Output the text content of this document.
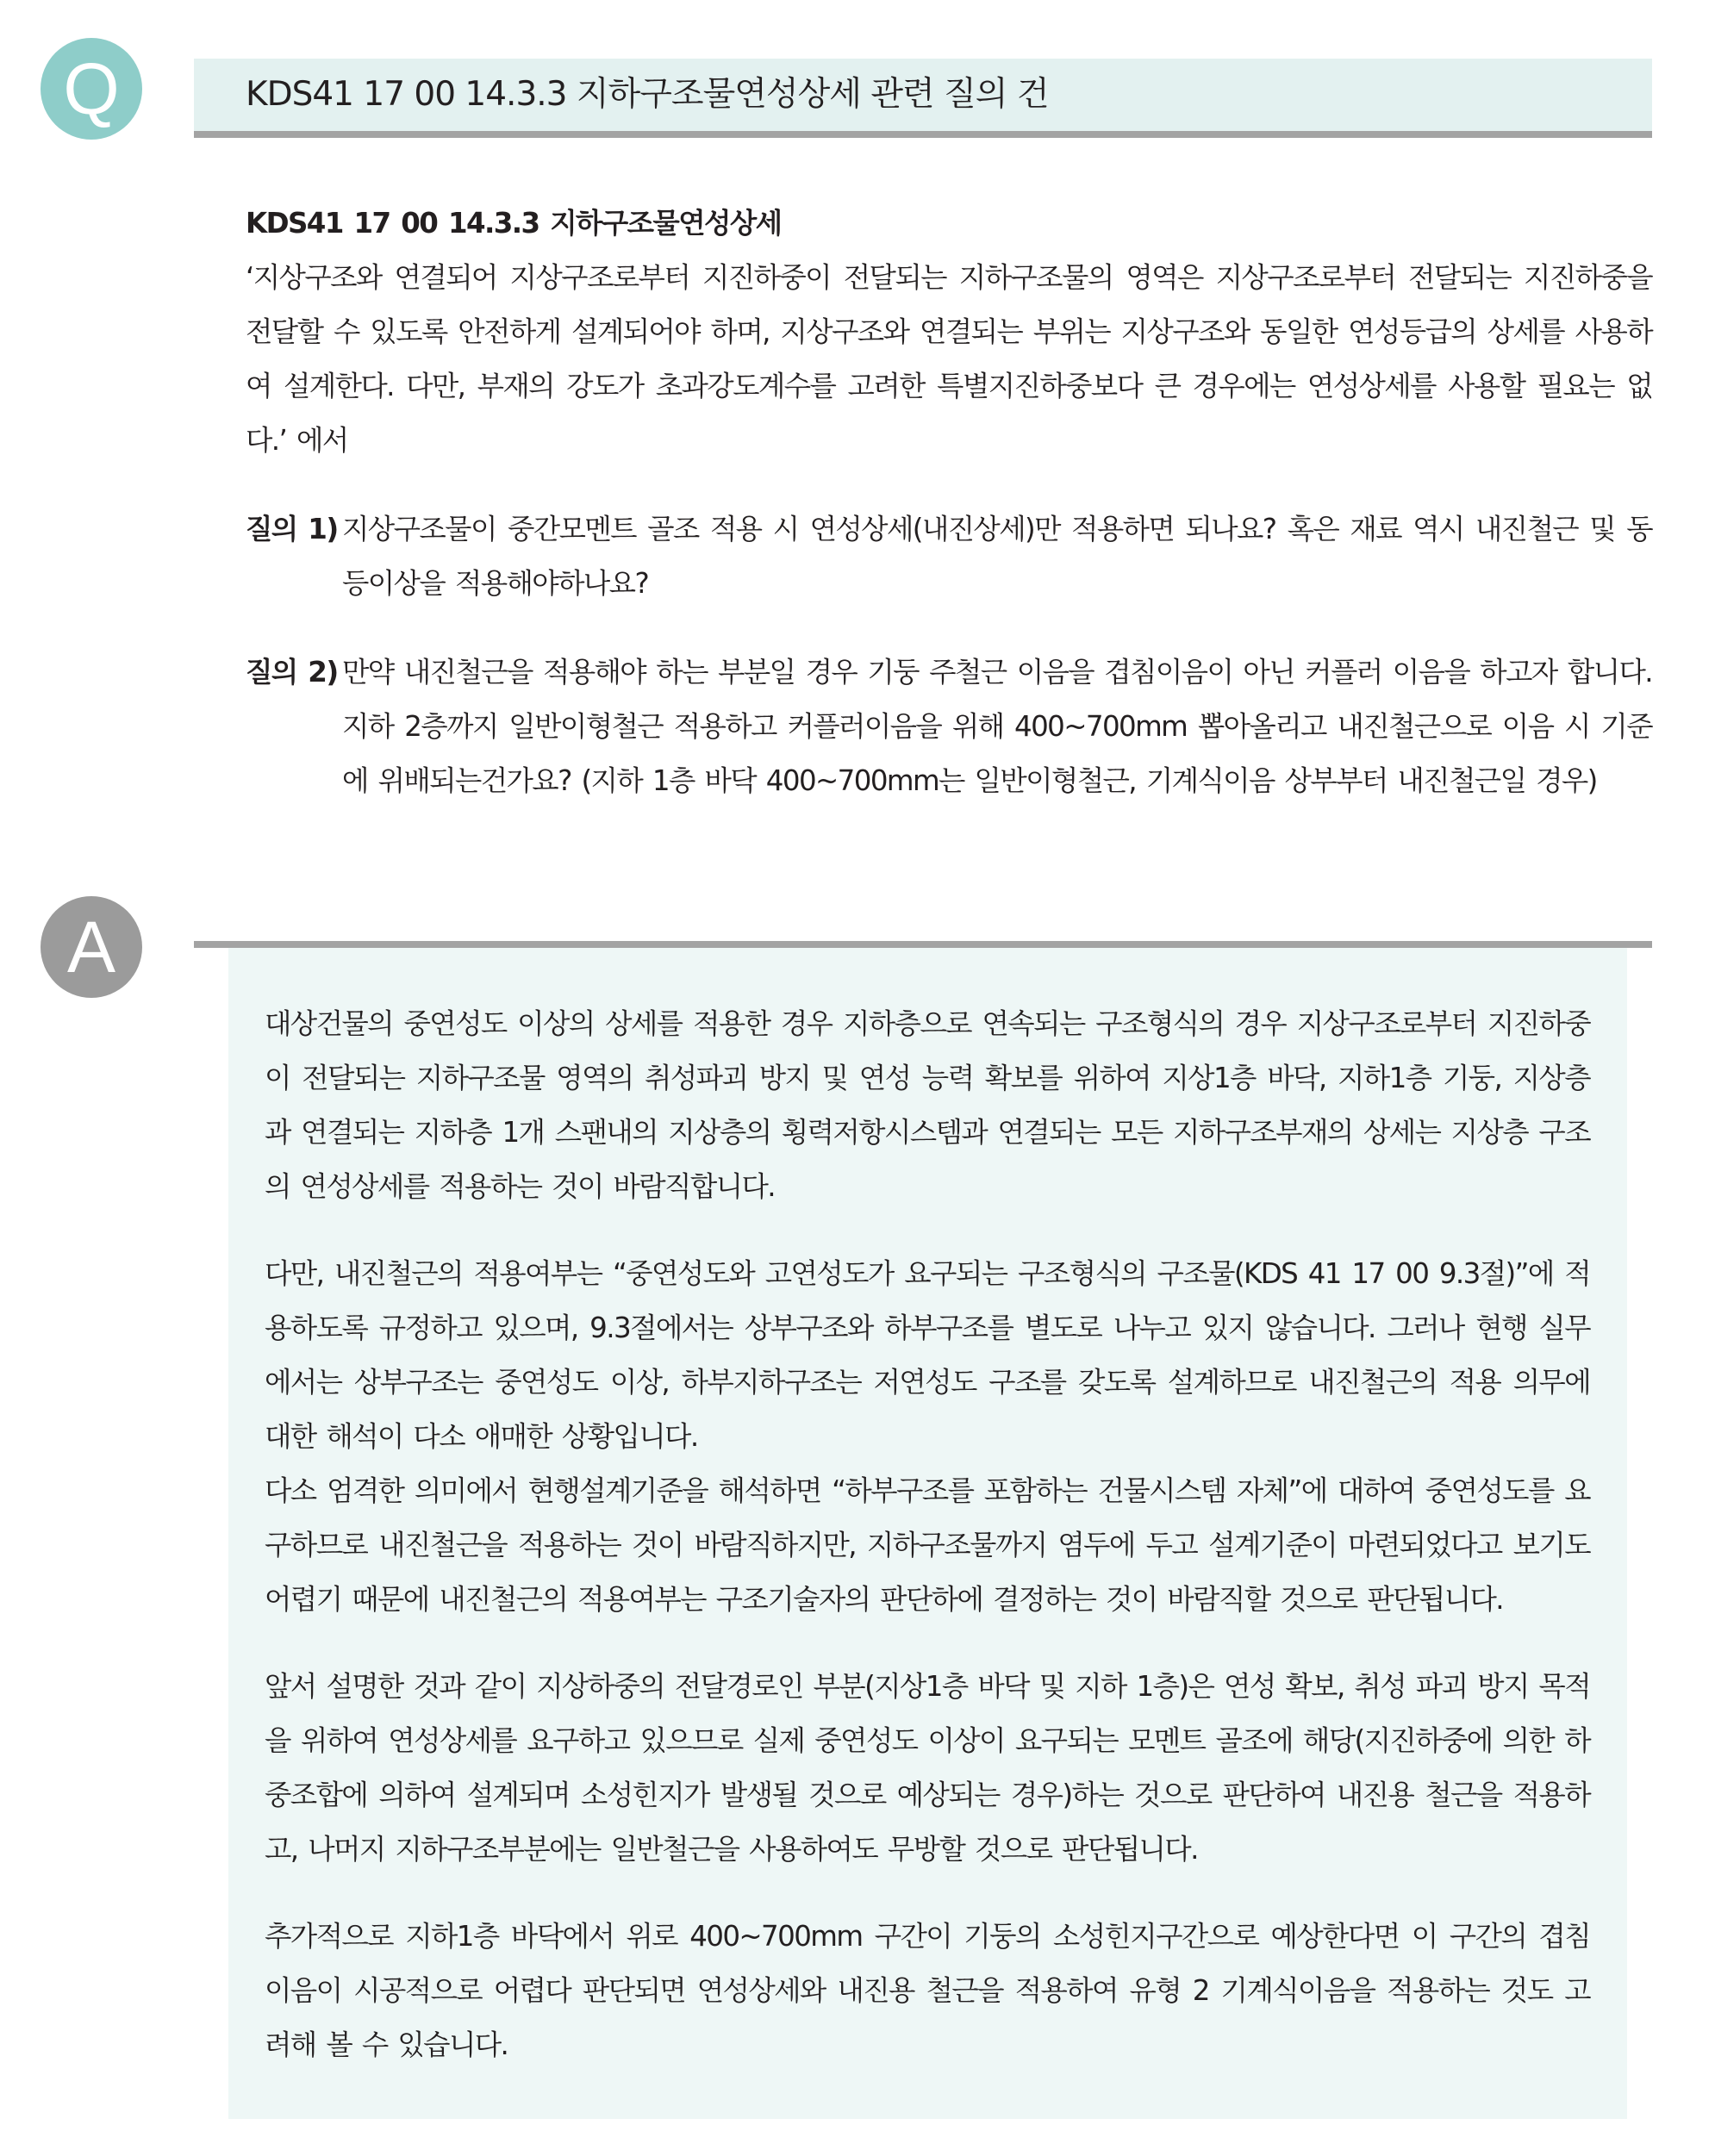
Q	KDS41 17 00 14.3.3 지하구조물연성상세 관련 질의 건

KDS41 17 00 14.3.3 지하구조물연성상세

‘지상구조와 연결되어 지상구조로부터 지진하중이 전달되는 지하구조물의 영역은 지상구조로부터 전달되는 지진하중을 전달할 수 있도록 안전하게 설계되어야 하며, 지상구조와 연결되는 부위는 지상구조와 동일한 연성등급의 상세를 사용하여 설계한다. 다만, 부재의 강도가 초과강도계수를 고려한 특별지진하중보다 큰 경우에는 연성상세를 사용할 필요는 없다.’ 에서

질의 1) 지상구조물이 중간모멘트 골조 적용 시 연성상세(내진상세)만 적용하면 되나요? 혹은 재료 역시 내진철근 및 동등이상을 적용해야하나요?

질의 2) 만약 내진철근을 적용해야 하는 부분일 경우 기둥 주철근 이음을 겹침이음이 아닌 커플러 이음을 하고자 합니다. 지하 2층까지 일반이형철근 적용하고 커플러이음을 위해 400~700mm 뽑아올리고 내진철근으로 이음 시 기준에 위배되는건가요? (지하 1층 바닥 400~700mm는 일반이형철근, 기계식이음 상부부터 내진철근일 경우)

A

대상건물의 중연성도 이상의 상세를 적용한 경우 지하층으로 연속되는 구조형식의 경우 지상구조로부터 지진하중이 전달되는 지하구조물 영역의 취성파괴 방지 및 연성 능력 확보를 위하여 지상1층 바닥, 지하1층 기둥, 지상층과 연결되는 지하층 1개 스팬내의 지상층의 횡력저항시스템과 연결되는 모든 지하구조부재의 상세는 지상층 구조의 연성상세를 적용하는 것이 바람직합니다.

다만, 내진철근의 적용여부는 “중연성도와 고연성도가 요구되는 구조형식의 구조물(KDS 41 17 00 9.3절)”에 적용하도록 규정하고 있으며, 9.3절에서는 상부구조와 하부구조를 별도로 나누고 있지 않습니다. 그러나 현행 실무에서는 상부구조는 중연성도 이상, 하부지하구조는 저연성도 구조를 갖도록 설계하므로 내진철근의 적용 의무에 대한 해석이 다소 애매한 상황입니다.

다소 엄격한 의미에서 현행설계기준을 해석하면 “하부구조를 포함하는 건물시스템 자체”에 대하여 중연성도를 요구하므로 내진철근을 적용하는 것이 바람직하지만, 지하구조물까지 염두에 두고 설계기준이 마련되었다고 보기도 어렵기 때문에 내진철근의 적용여부는 구조기술자의 판단하에 결정하는 것이 바람직할 것으로 판단됩니다.

앞서 설명한 것과 같이 지상하중의 전달경로인 부분(지상1층 바닥 및 지하 1층)은 연성 확보, 취성 파괴 방지 목적을 위하여 연성상세를 요구하고 있으므로 실제 중연성도 이상이 요구되는 모멘트 골조에 해당(지진하중에 의한 하중조합에 의하여 설계되며 소성힌지가 발생될 것으로 예상되는 경우)하는 것으로 판단하여 내진용 철근을 적용하고, 나머지 지하구조부분에는 일반철근을 사용하여도 무방할 것으로 판단됩니다.

추가적으로 지하1층 바닥에서 위로 400~700mm 구간이 기둥의 소성힌지구간으로 예상한다면 이 구간의 겹침이음이 시공적으로 어렵다 판단되면 연성상세와 내진용 철근을 적용하여 유형 2 기계식이음을 적용하는 것도 고려해 볼 수 있습니다.
